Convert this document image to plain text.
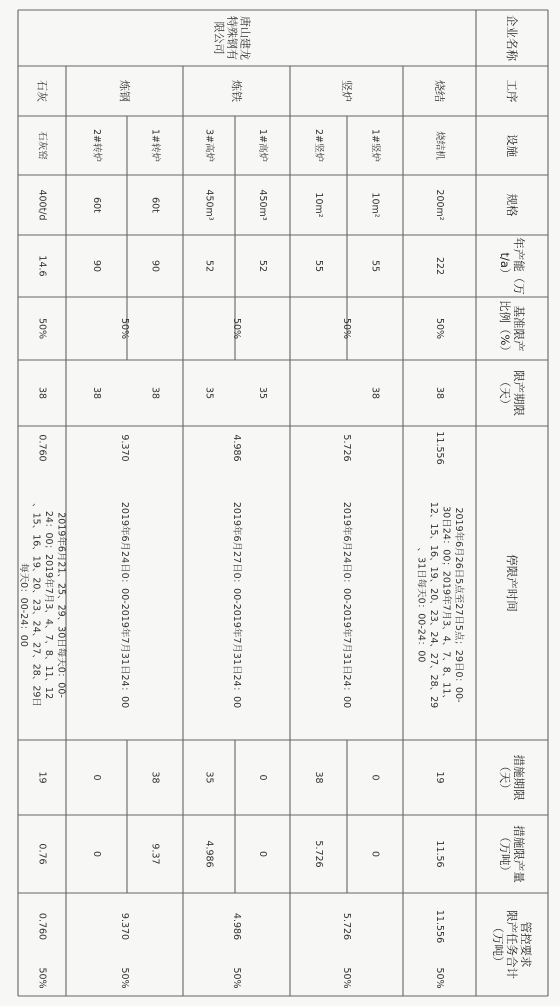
企业名称
工序
设施
规格
年产能（万
t/a）
基准限产
比例（%）
限产期限
（天）
停限产时间
措施期限
（天）
措施限产量
（万吨）
管控要求
限产任务合计
（万吨）
唐山建龙
特殊钢有
限公司
烧结
烧结机
200m²
222
50%
38
11.556
2019年6月26日5点至27日5点；29日0：00-
30日24：00；2019年7月3、4、7、8、11、
12、15、16、19、20、23、24、27、28、29
、31日每天0：00-24：00
19
11.56
11.556
50%
竖炉
1#竖炉
10m²
55
50%
38
5.726
2019年6月24日0：00-2019年7月31日24：00
0
0
5.726
50%
2#竖炉
10m²
55
38
5.726
炼铁
1#高炉
450m³
52
50%
35
4.986
2019年6月27日0：00-2019年7月31日24：00
0
0
4.986
50%
3#高炉
450m³
52
35
35
4.986
炼钢
1#转炉
60t
90
50%
38
9.370
2019年6月24日0：00-2019年7月31日24：00
38
9.37
9.370
50%
2#转炉
60t
90
38
0
0
石灰
石灰窑
400t/d
14.6
50%
38
0.760
2019年6月21、25、29、30日每天0：00-
24：00；2019年7月3、4、7、8、11、12
、15、16、19、20、23、24、27、28、29日
每天0：00-24：00
19
0.76
0.760
50%
